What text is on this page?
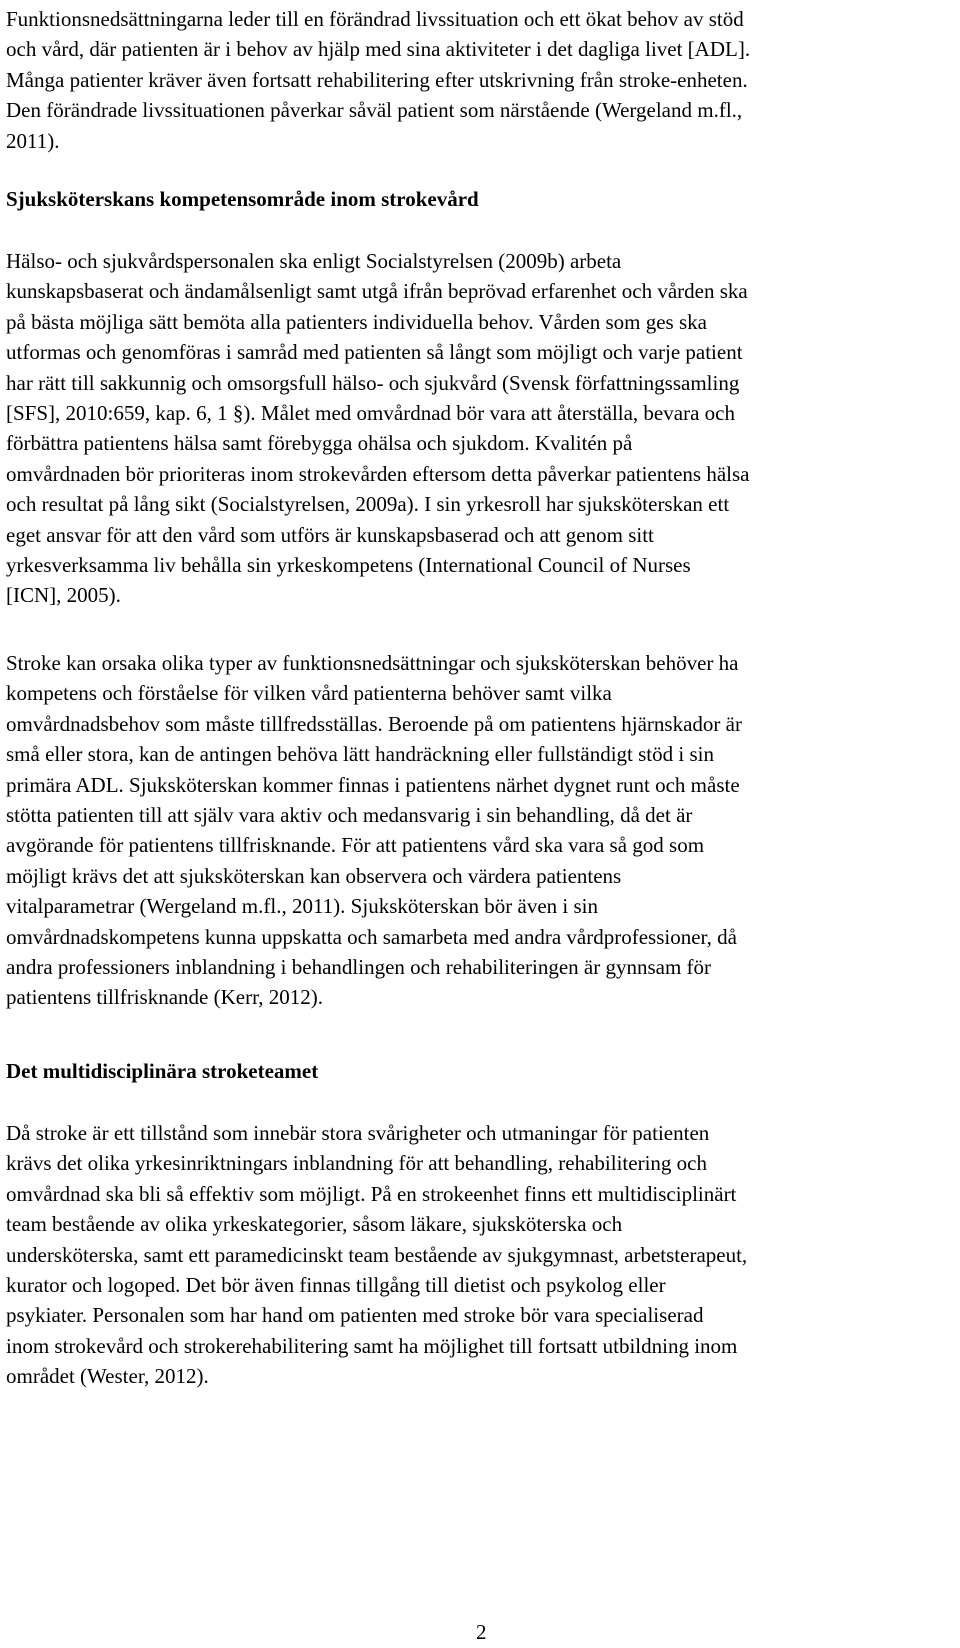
Funktionsnedsättningarna leder till en förändrad livssituation och ett ökat behov av stöd
och vård, där patienten är i behov av hjälp med sina aktiviteter i det dagliga livet [ADL].
Många patienter kräver även fortsatt rehabilitering efter utskrivning från stroke-enheten.
Den förändrade livssituationen påverkar såväl patient som närstående (Wergeland m.fl.,
2011).

Sjuksköterskans kompetensområde inom strokevård

Hälso- och sjukvårdspersonalen ska enligt Socialstyrelsen (2009b) arbeta
kunskapsbaserat och ändamålsenligt samt utgå ifrån beprövad erfarenhet och vården ska
på bästa möjliga sätt bemöta alla patienters individuella behov. Vården som ges ska
utformas och genomföras i samråd med patienten så långt som möjligt och varje patient
har rätt till sakkunnig och omsorgsfull hälso- och sjukvård (Svensk författningssamling
[SFS], 2010:659, kap. 6, 1 §). Målet med omvårdnad bör vara att återställa, bevara och
förbättra patientens hälsa samt förebygga ohälsa och sjukdom. Kvalitén på
omvårdnaden bör prioriteras inom strokevården eftersom detta påverkar patientens hälsa
och resultat på lång sikt (Socialstyrelsen, 2009a). I sin yrkesroll har sjuksköterskan ett
eget ansvar för att den vård som utförs är kunskapsbaserad och att genom sitt
yrkesverksamma liv behålla sin yrkeskompetens (International Council of Nurses
[ICN], 2005).

Stroke kan orsaka olika typer av funktionsnedsättningar och sjuksköterskan behöver ha
kompetens och förståelse för vilken vård patienterna behöver samt vilka
omvårdnadsbehov som måste tillfredsställas. Beroende på om patientens hjärnskador är
små eller stora, kan de antingen behöva lätt handräckning eller fullständigt stöd i sin
primära ADL. Sjuksköterskan kommer finnas i patientens närhet dygnet runt och måste
stötta patienten till att själv vara aktiv och medansvarig i sin behandling, då det är
avgörande för patientens tillfrisknande. För att patientens vård ska vara så god som
möjligt krävs det att sjuksköterskan kan observera och värdera patientens
vitalparametrar (Wergeland m.fl., 2011). Sjuksköterskan bör även i sin
omvårdnadskompetens kunna uppskatta och samarbeta med andra vårdprofessioner, då
andra professioners inblandning i behandlingen och rehabiliteringen är gynnsam för
patientens tillfrisknande (Kerr, 2012).

Det multidisciplinära stroketeamet

Då stroke är ett tillstånd som innebär stora svårigheter och utmaningar för patienten
krävs det olika yrkesinriktningars inblandning för att behandling, rehabilitering och
omvårdnad ska bli så effektiv som möjligt. På en strokeenhet finns ett multidisciplinärt
team bestående av olika yrkeskategorier, såsom läkare, sjuksköterska och
undersköterska, samt ett paramedicinskt team bestående av sjukgymnast, arbetsterapeut,
kurator och logoped. Det bör även finnas tillgång till dietist och psykolog eller
psykiater. Personalen som har hand om patienten med stroke bör vara specialiserad
inom strokevård och strokerehabilitering samt ha möjlighet till fortsatt utbildning inom
området (Wester, 2012).

2
